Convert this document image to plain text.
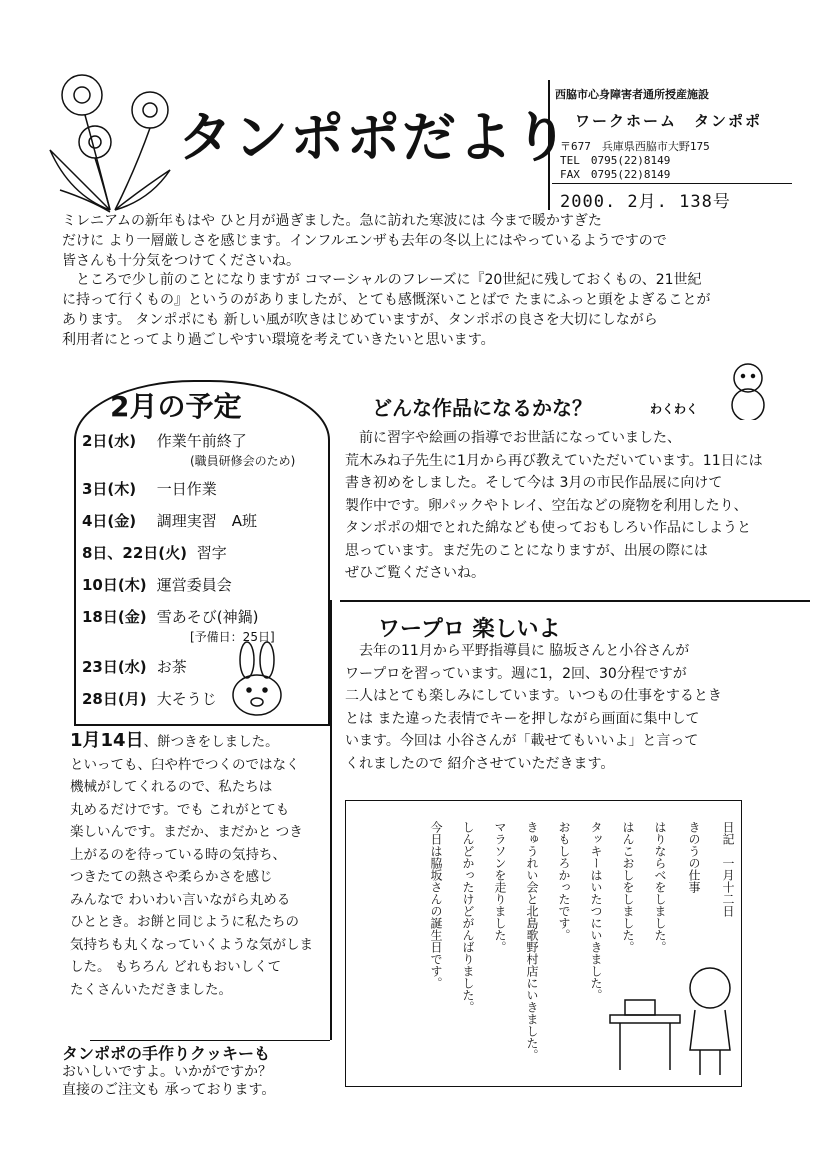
タンポポだより
西脇市心身障害者通所授産施設
ワークホーム　タンポポ
〒677　兵庫県西脇市大野175
TEL　0795(22)8149
FAX　0795(22)8149
2000. 2月. 138号

ミレニアムの新年もはや ひと月が過ぎました。急に訪れた寒波には 今まで暖かすぎた

だけに より一層厳しさを感じます。インフルエンザも去年の冬以上にはやっているようですので

皆さんも十分気をつけてくださいね。

　ところで少し前のことになりますが コマーシャルのフレーズに『20世紀に残しておくもの、21世紀

に持って行くもの』というのがありましたが、とても感慨深いことばで たまにふっと頭をよぎることが

あります。 タンポポにも 新しい風が吹きはじめていますが、タンポポの良さを大切にしながら

利用者にとってより過ごしやすい環境を考えていきたいと思います。

2月の予定
2日(水) 作業午前終了
(職員研修会のため)
3日(木) 一日作業
4日(金) 調理実習　A班
8日、22日(火) 習字
10日(木) 運営委員会
18日(金) 雪あそび(神鍋)
[予備日：25日]
23日(水) お茶
28日(月) 大そうじ
どんな作品になるかな？	わくわく
　前に習字や絵画の指導でお世話になっていました、
荒木みね子先生に1月から再び教えていただいています。11日には
書き初めをしました。そして今は 3月の市民作品展に向けて
製作中です。卵パックやトレイ、空缶などの廃物を利用したり、
タンポポの畑でとれた綿なども使っておもしろい作品にしようと
思っています。まだ先のことになりますが、出展の際には
ぜひご覧くださいね。
ワープロ 楽しいよ
　去年の11月から平野指導員に 脇坂さんと小谷さんが
ワープロを習っています。週に1，2回、30分程ですが
二人はとても楽しみにしています。いつもの仕事をするとき
とは また違った表情でキーを押しながら画面に集中して
います。今回は 小谷さんが「載せてもいいよ」と言って
くれましたので 紹介させていただきます。
日記　一月十二日
きのうの仕事
はりならべをしました。
はんこおしをしました。
タッキーはいたつにいきました。
おもしろかったです。
きゅうれい会と北島歌野村店にいきました。
マラソンを走りました。
しんどかったけどがんばりました。
今日は脇坂さんの誕生日です。
1月14日、餅つきをしました。
といっても、臼や杵でつくのではなく
機械がしてくれるので、私たちは
丸めるだけです。でも これがとても
楽しいんです。まだか、まだかと つき
上がるのを待っている時の気持ち、
つきたての熱さや柔らかさを感じ
みんなで わいわい言いながら丸める
ひととき。お餅と同じように私たちの
気持ちも丸くなっていくような気がしま
した。 もちろん どれもおいしくて
たくさんいただきました。
タンポポの手作りクッキーも
おいしいですよ。いかがですか？
直接のご注文も 承っております。
